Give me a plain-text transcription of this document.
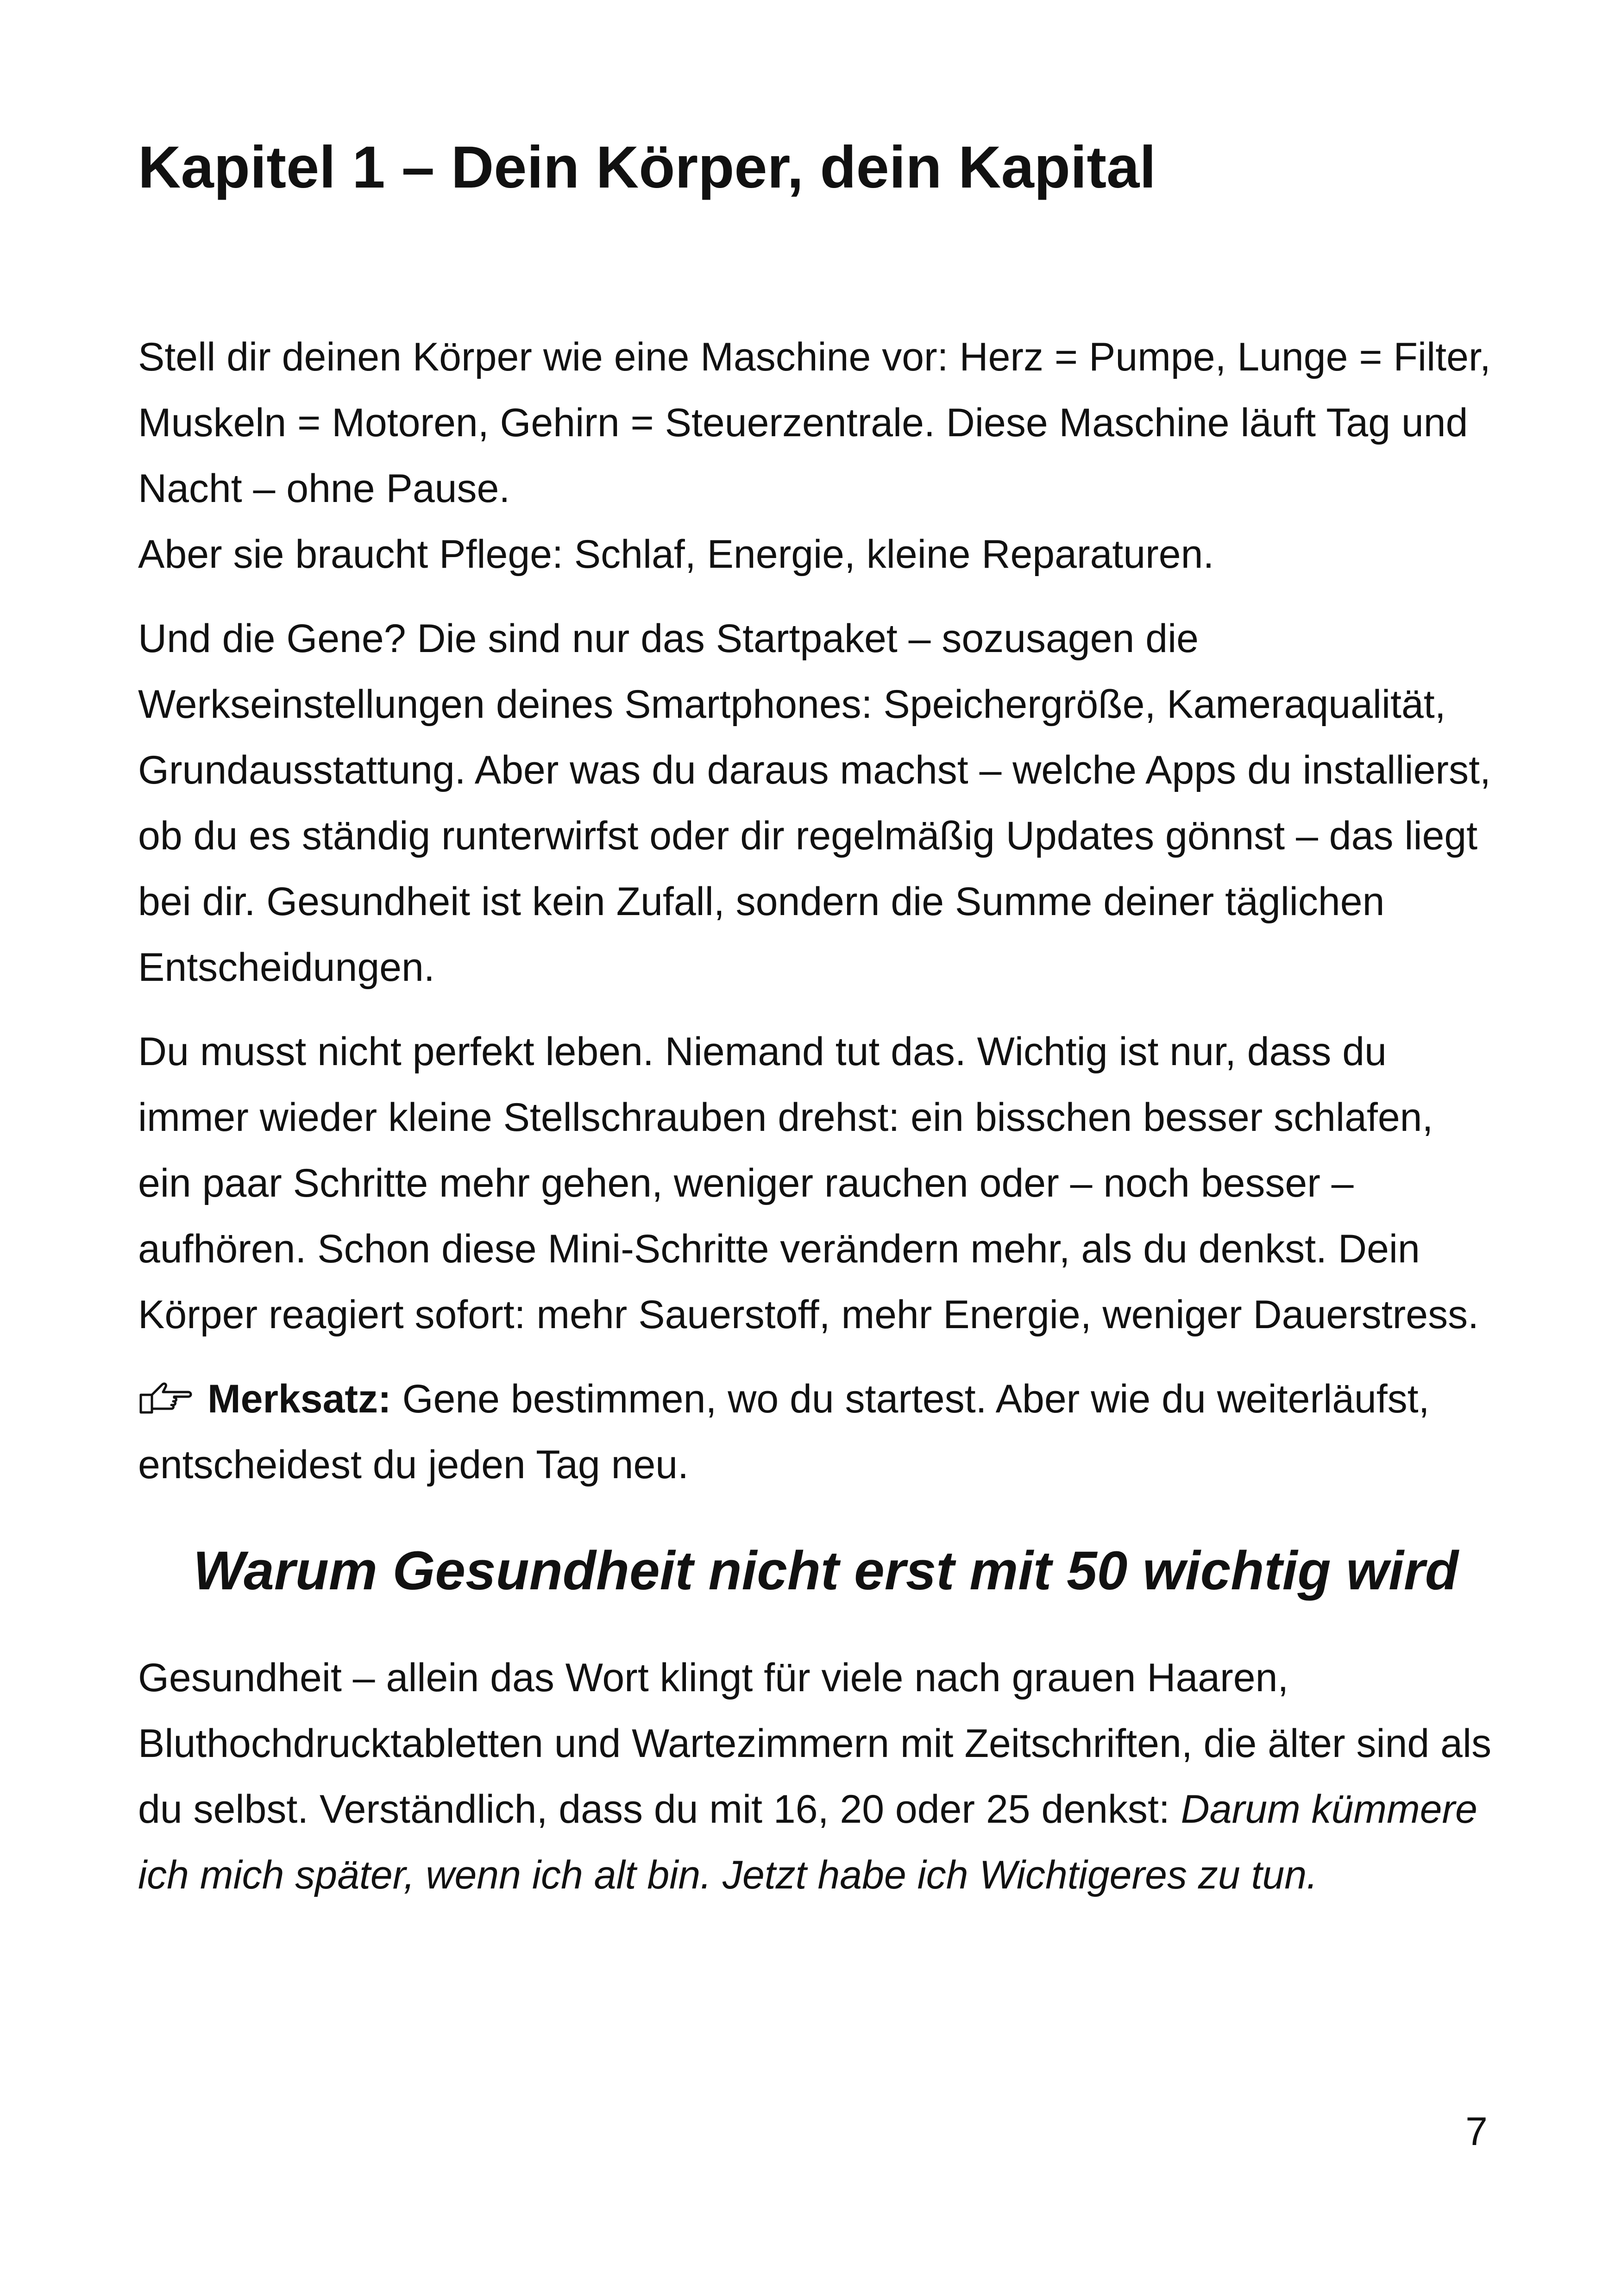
Kapitel 1 – Dein Körper, dein Kapital

Stell dir deinen Körper wie eine Maschine vor: Herz = Pumpe, Lunge = Filter, Muskeln = Motoren, Gehirn = Steuerzentrale. Diese Maschine läuft Tag und Nacht – ohne Pause.

Aber sie braucht Pflege: Schlaf, Energie, kleine Reparaturen.

Und die Gene? Die sind nur das Startpaket – sozusagen die Werkseinstellungen deines Smartphones: Speichergröße, Kameraqualität, Grundausstattung. Aber was du daraus machst – welche Apps du installierst, ob du es ständig runterwirfst oder dir regelmäßig Updates gönnst – das liegt bei dir. Gesundheit ist kein Zufall, sondern die Summe deiner täglichen Entscheidungen.

Du musst nicht perfekt leben. Niemand tut das. Wichtig ist nur, dass du immer wieder kleine Stellschrauben drehst: ein bisschen besser schlafen, ein paar Schritte mehr gehen, weniger rauchen oder – noch besser – aufhören. Schon diese Mini-Schritte verändern mehr, als du denkst. Dein Körper reagiert sofort: mehr Sauerstoff, mehr Energie, weniger Dauerstress.

Merksatz: Gene bestimmen, wo du startest. Aber wie du weiterläufst, entscheidest du jeden Tag neu.

Warum Gesundheit nicht erst mit 50 wichtig wird

Gesundheit – allein das Wort klingt für viele nach grauen Haaren, Bluthochdrucktabletten und Wartezimmern mit Zeitschriften, die älter sind als du selbst. Verständlich, dass du mit 16, 20 oder 25 denkst: Darum kümmere ich mich später, wenn ich alt bin. Jetzt habe ich Wichtigeres zu tun.

7
